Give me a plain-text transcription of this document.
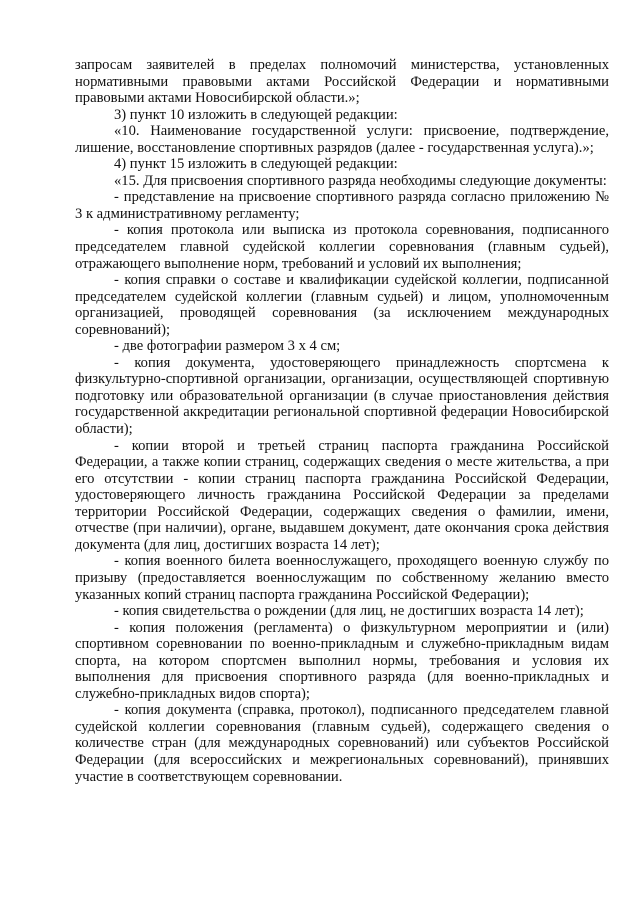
запросам заявителей в пределах полномочий министерства, установленных нормативными правовыми актами Российской Федерации и нормативными правовыми актами Новосибирской области.»;

3) пункт 10 изложить в следующей редакции:

«10. Наименование государственной услуги: присвоение, подтверждение, лишение, восстановление спортивных разрядов (далее - государственная услуга).»;

4) пункт 15 изложить в следующей редакции:

«15. Для присвоения спортивного разряда необходимы следующие документы:

- представление на присвоение спортивного разряда согласно приложению № 3 к административному регламенту;

- копия протокола или выписка из протокола соревнования, подписанного председателем главной судейской коллегии соревнования (главным судьей), отражающего выполнение норм, требований и условий их выполнения;

- копия справки о составе и квалификации судейской коллегии, подписанной председателем судейской коллегии (главным судьей) и лицом, уполномоченным организацией, проводящей соревнования (за исключением международных соревнований);

- две фотографии размером 3 х 4 см;

- копия документа, удостоверяющего принадлежность спортсмена к физкультурно-спортивной организации, организации, осуществляющей спортивную подготовку или образовательной организации (в случае приостановления действия государственной аккредитации региональной спортивной федерации Новосибирской области);

- копии второй и третьей страниц паспорта гражданина Российской Федерации, а также копии страниц, содержащих сведения о месте жительства, а при его отсутствии - копии страниц паспорта гражданина Российской Федерации, удостоверяющего личность гражданина Российской Федерации за пределами территории Российской Федерации, содержащих сведения о фамилии, имени, отчестве (при наличии), органе, выдавшем документ, дате окончания срока действия документа (для лиц, достигших возраста 14 лет);

- копия военного билета военнослужащего, проходящего военную службу по призыву (предоставляется военнослужащим по собственному желанию вместо указанных копий страниц паспорта гражданина Российской Федерации);

- копия свидетельства о рождении (для лиц, не достигших возраста 14 лет);

- копия положения (регламента) о физкультурном мероприятии и (или) спортивном соревновании по военно-прикладным и служебно-прикладным видам спорта, на котором спортсмен выполнил нормы, требования и условия их выполнения для присвоения спортивного разряда (для военно-прикладных и служебно-прикладных видов спорта);

- копия документа (справка, протокол), подписанного председателем главной судейской коллегии соревнования (главным судьей), содержащего сведения о количестве стран (для международных соревнований) или субъектов Российской Федерации (для всероссийских и межрегиональных соревнований), принявших участие в соответствующем соревновании.
